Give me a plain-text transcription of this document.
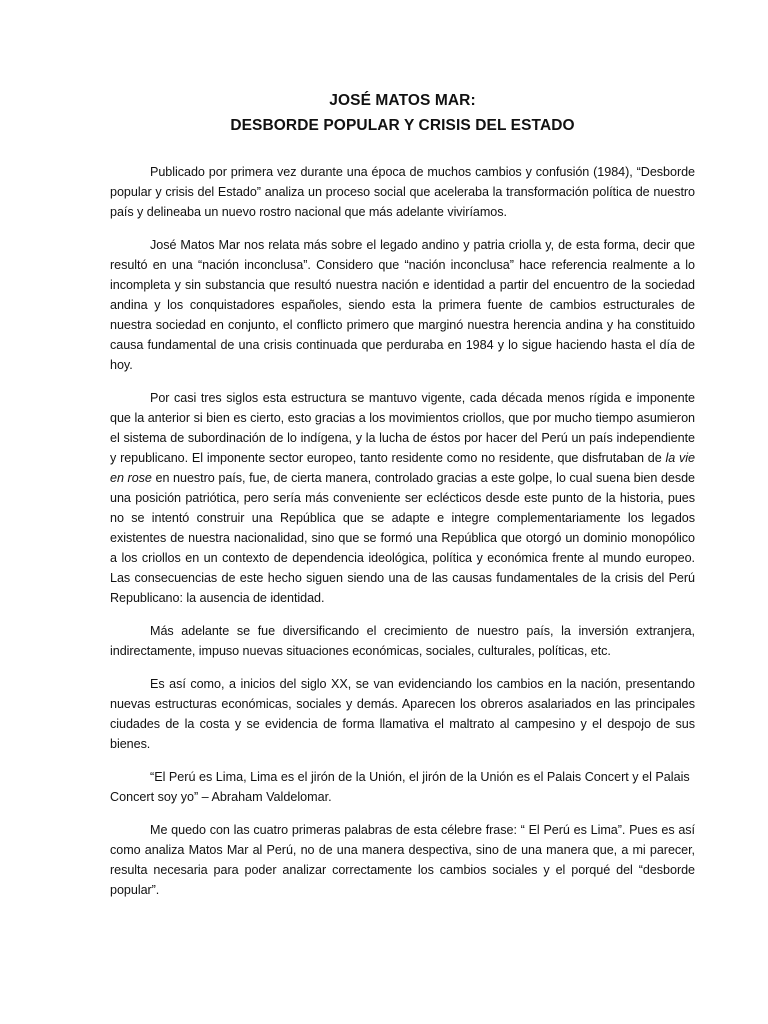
JOSÉ MATOS MAR:
DESBORDE POPULAR Y CRISIS DEL ESTADO

Publicado por primera vez durante una época de muchos cambios y confusión (1984), “Desborde popular y crisis del Estado” analiza un proceso social que aceleraba la transformación política de nuestro país y delineaba un nuevo rostro nacional que más adelante viviríamos.

José Matos Mar nos relata más sobre el legado andino y patria criolla y, de esta forma, decir que resultó en una “nación inconclusa”. Considero que “nación inconclusa” hace referencia realmente a lo incompleta y sin substancia que resultó nuestra nación e identidad a partir del encuentro de la sociedad andina y los conquistadores españoles, siendo esta la primera fuente de cambios estructurales de nuestra sociedad en conjunto, el conflicto primero que marginó nuestra herencia andina y ha constituido causa fundamental de una crisis continuada que perduraba en 1984 y lo sigue haciendo hasta el día de hoy.

Por casi tres siglos esta estructura se mantuvo vigente, cada década menos rígida e imponente que la anterior si bien es cierto, esto gracias a los movimientos criollos, que por mucho tiempo asumieron el sistema de subordinación de lo indígena, y la lucha de éstos por hacer del Perú un país independiente y republicano. El imponente sector europeo, tanto residente como no residente, que disfrutaban de la vie en rose en nuestro país, fue, de cierta manera, controlado gracias a este golpe, lo cual suena bien desde una posición patriótica, pero sería más conveniente ser eclécticos desde este punto de la historia, pues no se intentó construir una República que se adapte e integre complementariamente los legados existentes de nuestra nacionalidad, sino que se formó una República que otorgó un dominio monopólico a los criollos en un contexto de dependencia ideológica, política y económica frente al mundo europeo. Las consecuencias de este hecho siguen siendo una de las causas fundamentales de la crisis del Perú Republicano: la ausencia de identidad.

Más adelante se fue diversificando el crecimiento de nuestro país, la inversión extranjera, indirectamente, impuso nuevas situaciones económicas, sociales, culturales, políticas, etc.

Es así como, a inicios del siglo XX, se van evidenciando los cambios en la nación, presentando nuevas estructuras económicas, sociales y demás. Aparecen los obreros asalariados en las principales ciudades de la costa y se evidencia de forma llamativa el maltrato al campesino y el despojo de sus bienes.

“El Perú es Lima, Lima es el jirón de la Unión, el jirón de la Unión es el Palais Concert y el Palais Concert soy yo” – Abraham Valdelomar.

Me quedo con las cuatro primeras palabras de esta célebre frase: “ El Perú es Lima”. Pues es así como analiza Matos Mar al Perú, no de una manera despectiva, sino de una manera que, a mi parecer, resulta necesaria para poder analizar correctamente los cambios sociales y el porqué del “desborde popular”.
